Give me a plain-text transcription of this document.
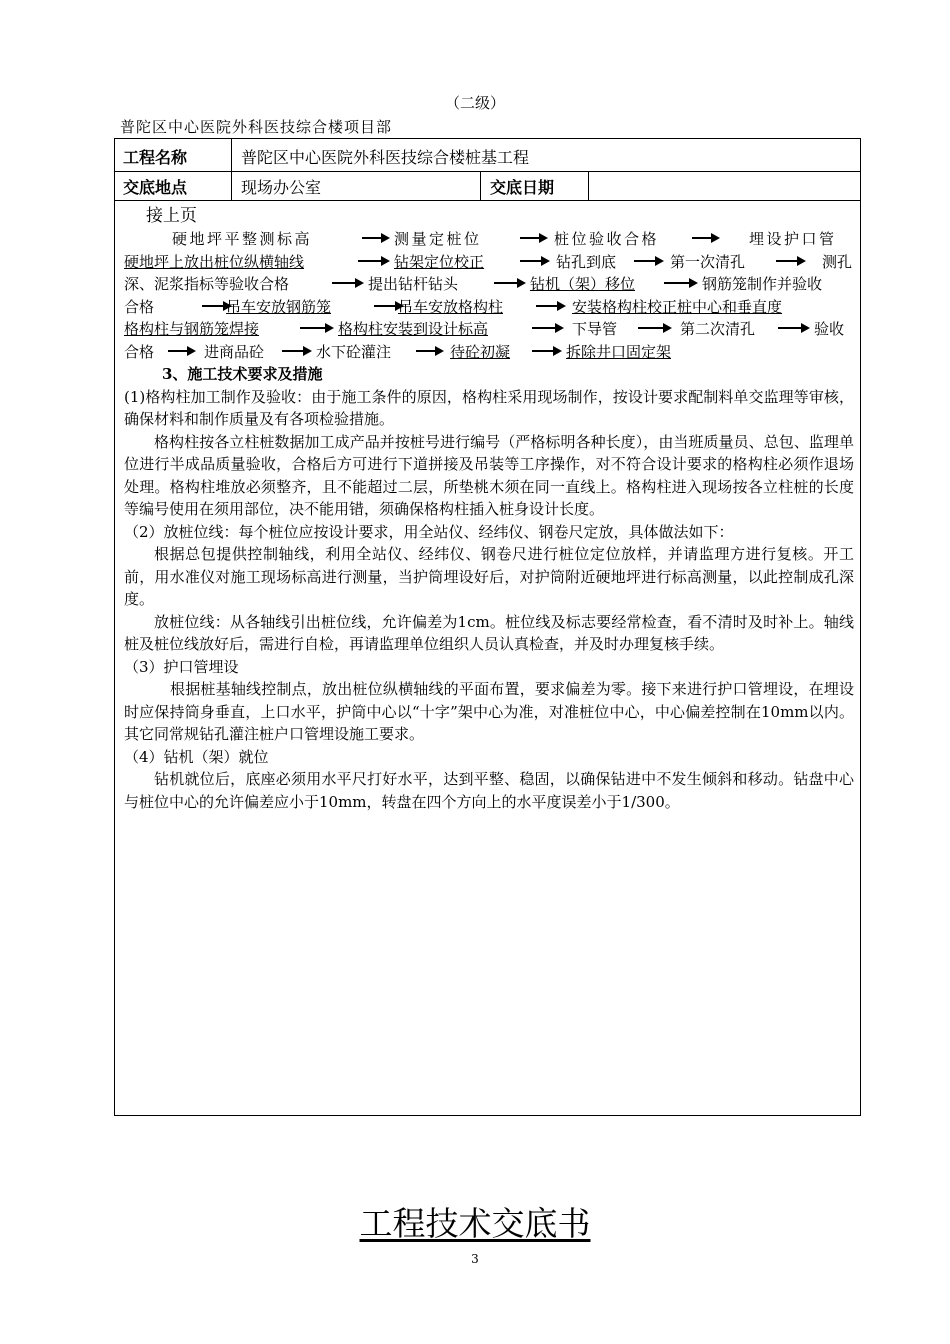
（二级）
普陀区中心医院外科医技综合楼项目部
工程名称	普陀区中心医院外科医技综合楼桩基工程
交底地点	现场办公室	交底日期
接上页
硬地坪平整测标高	测量定桩位	桩位验收合格	埋设护口管
硬地坪上放出桩位纵横轴线	钻架定位校正	钻孔到底	第一次清孔	测孔
深、泥浆指标等验收合格	提出钻杆钻头	钻机（架）移位	钢筋笼制作并验收
合格	吊车安放钢筋笼	吊车安放格构柱	安装格构柱校正桩中心和垂直度
格构柱与钢筋笼焊接	格构柱安装到设计标高	下导管	第二次清孔	验收
合格	进商品砼	水下砼灌注	待砼初凝	拆除井口固定架

3、施工技术要求及措施

(1)格构柱加工制作及验收：由于施工条件的原因，格构柱采用现场制作，按设计要求配制料单交监理等审核，确保材料和制作质量及有各项检验措施。

格构柱按各立柱桩数据加工成产品并按桩号进行编号（严格标明各种长度），由当班质量员、总包、监理单位进行半成品质量验收，合格后方可进行下道拼接及吊装等工序操作，对不符合设计要求的格构柱必须作退场处理。格构柱堆放必须整齐，且不能超过二层，所垫桃木须在同一直线上。格构柱进入现场按各立柱桩的长度等编号使用在须用部位，决不能用错，须确保格构柱插入桩身设计长度。

（2）放桩位线：每个桩位应按设计要求，用全站仪、经纬仪、钢卷尺定放，具体做法如下：

根据总包提供控制轴线，利用全站仪、经纬仪、钢卷尺进行桩位定位放样，并请监理方进行复核。开工前，用水准仪对施工现场标高进行测量，当护筒埋设好后，对护筒附近硬地坪进行标高测量，以此控制成孔深度。

放桩位线：从各轴线引出桩位线，允许偏差为1cm。桩位线及标志要经常检查，看不清时及时补上。轴线桩及桩位线放好后，需进行自检，再请监理单位组织人员认真检查，并及时办理复核手续。

（3）护口管埋设

根据桩基轴线控制点，放出桩位纵横轴线的平面布置，要求偏差为零。接下来进行护口管埋设，在埋设时应保持筒身垂直，上口水平，护筒中心以“十字”架中心为准，对准桩位中心，中心偏差控制在10mm以内。其它同常规钻孔灌注桩户口管埋设施工要求。

（4）钻机（架）就位

钻机就位后，底座必须用水平尺打好水平，达到平整、稳固，以确保钻进中不发生倾斜和移动。钻盘中心与桩位中心的允许偏差应小于10mm，转盘在四个方向上的水平度误差小于1/300。

工程技术交底书
3
